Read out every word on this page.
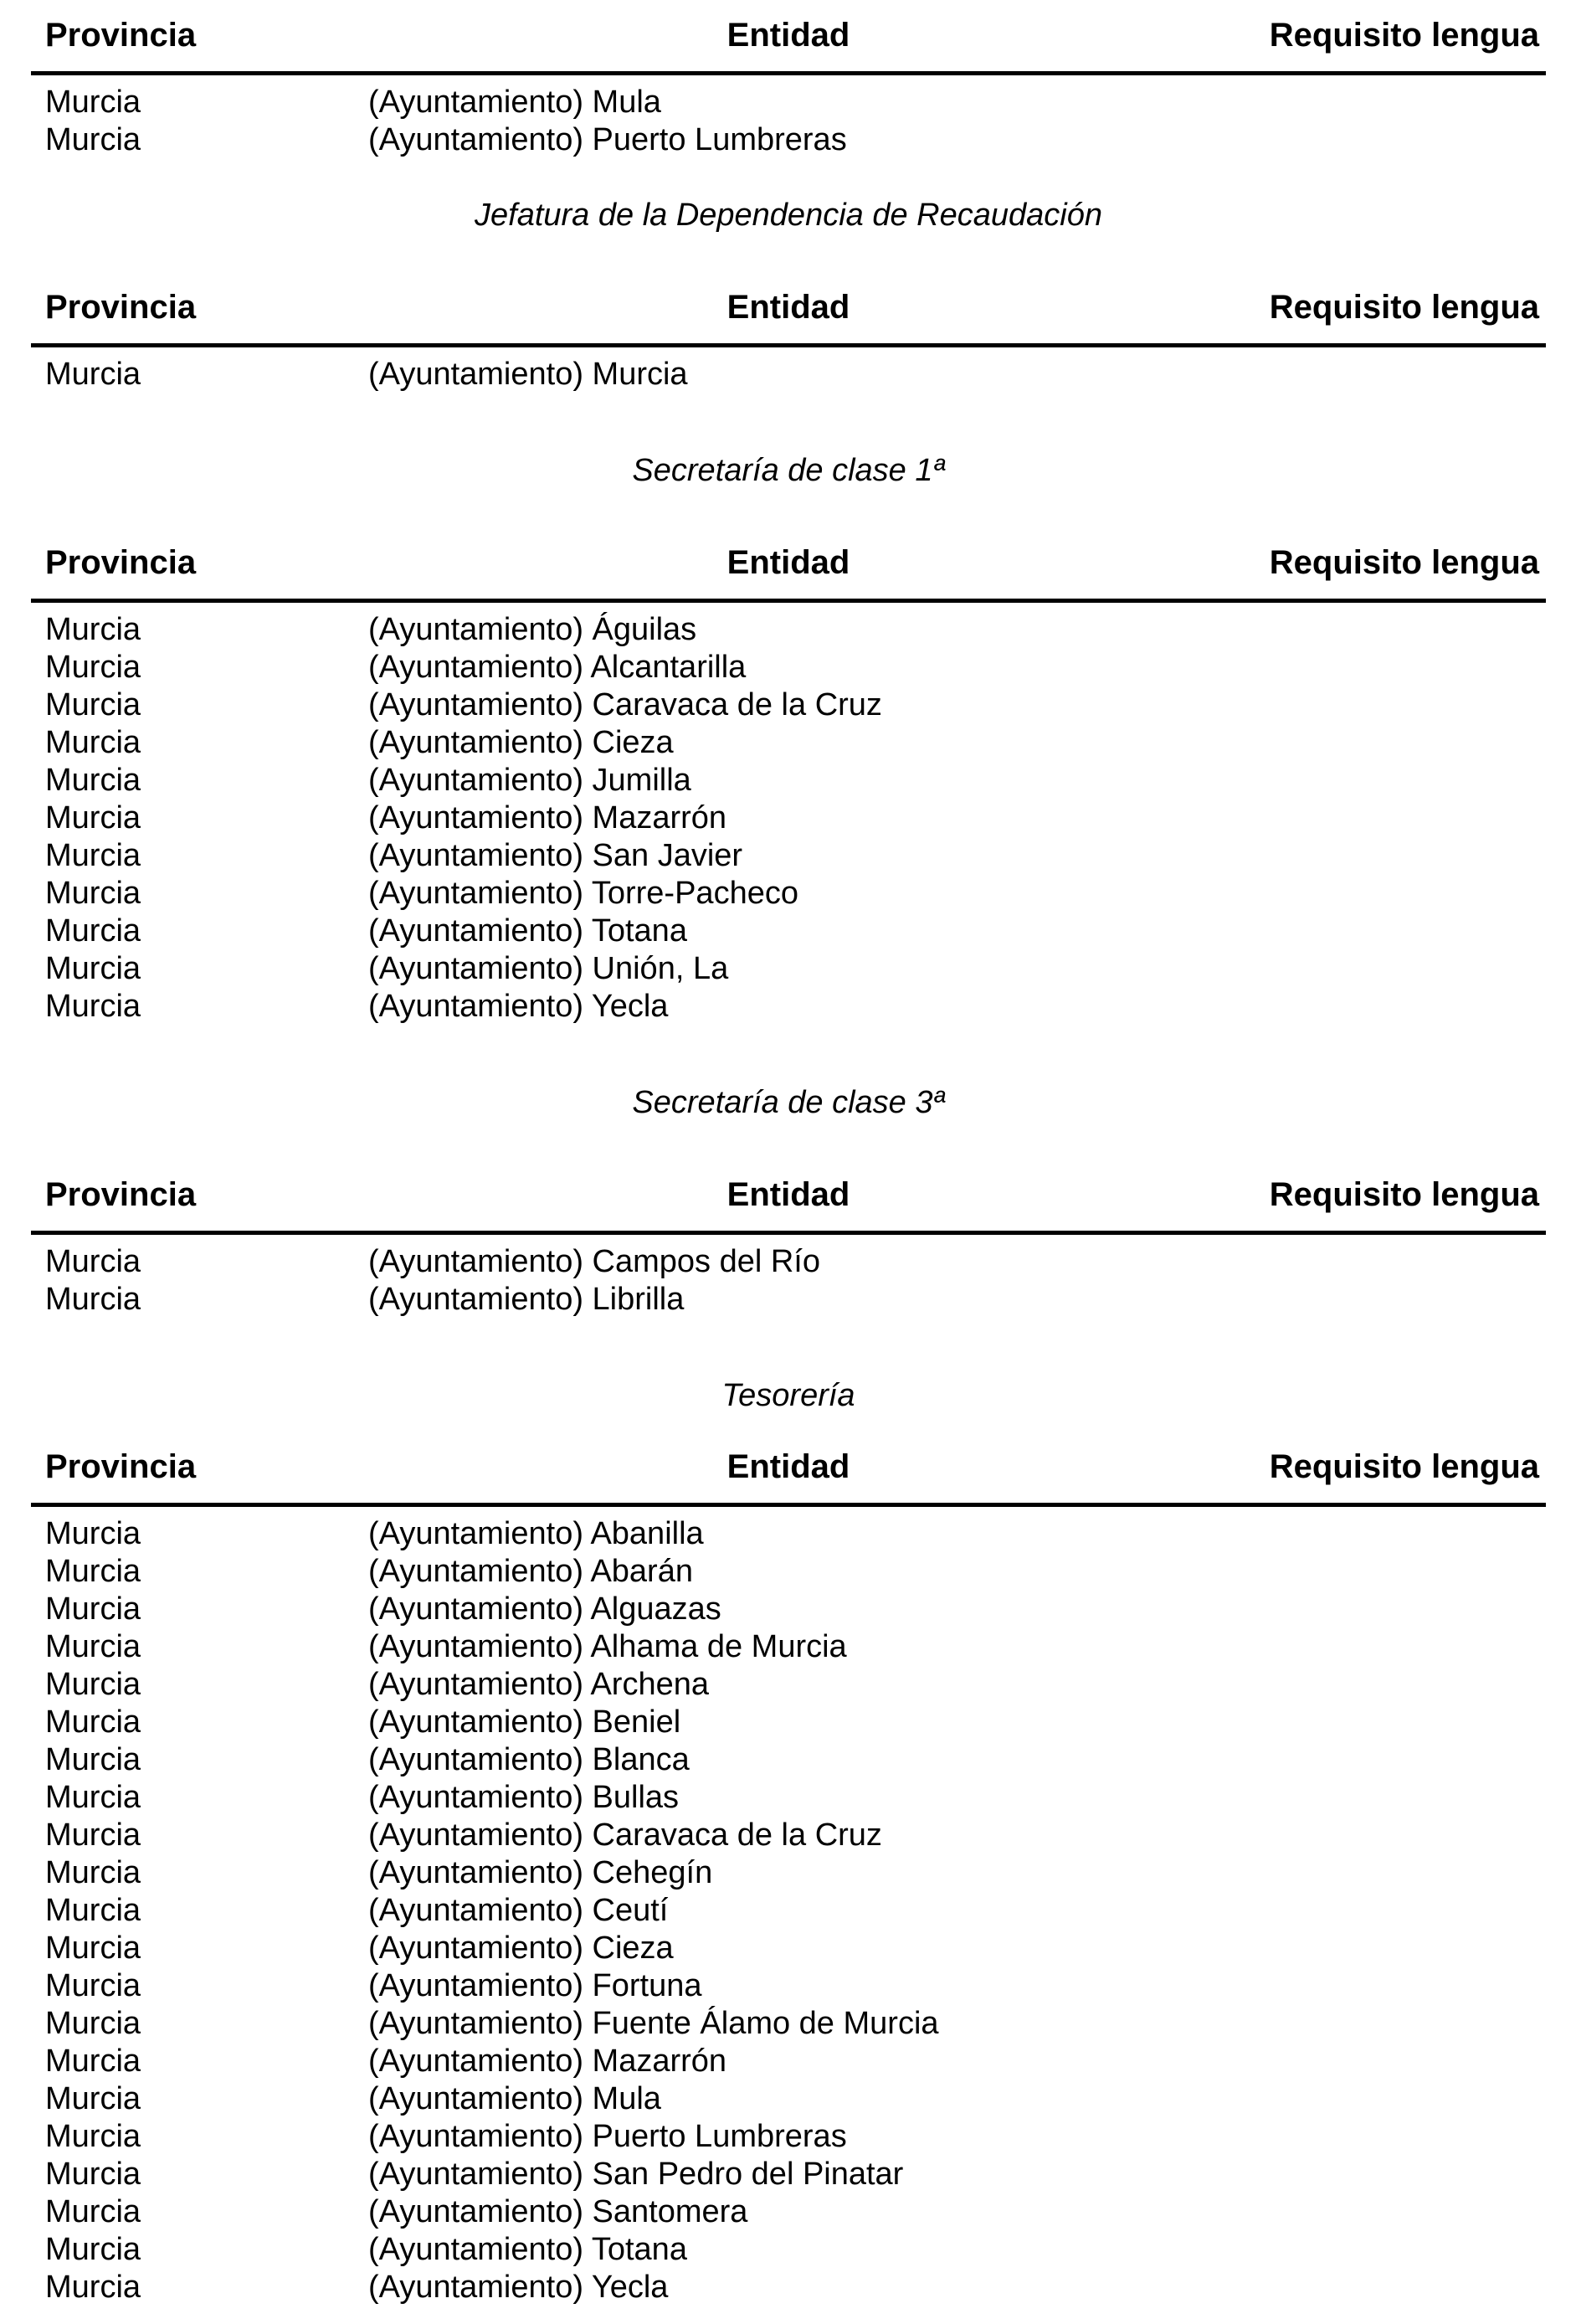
Provincia	Entidad	Requisito lengua
Murcia	(Ayuntamiento) Mula
Murcia	(Ayuntamiento) Puerto Lumbreras
Jefatura de la Dependencia de Recaudación
Provincia	Entidad	Requisito lengua
Murcia	(Ayuntamiento) Murcia
Secretaría de clase 1ª
Provincia	Entidad	Requisito lengua
Murcia	(Ayuntamiento) Águilas
Murcia	(Ayuntamiento) Alcantarilla
Murcia	(Ayuntamiento) Caravaca de la Cruz
Murcia	(Ayuntamiento) Cieza
Murcia	(Ayuntamiento) Jumilla
Murcia	(Ayuntamiento) Mazarrón
Murcia	(Ayuntamiento) San Javier
Murcia	(Ayuntamiento) Torre-Pacheco
Murcia	(Ayuntamiento) Totana
Murcia	(Ayuntamiento) Unión, La
Murcia	(Ayuntamiento) Yecla
Secretaría de clase 3ª
Provincia	Entidad	Requisito lengua
Murcia	(Ayuntamiento) Campos del Río
Murcia	(Ayuntamiento) Librilla
Tesorería
Provincia	Entidad	Requisito lengua
Murcia	(Ayuntamiento) Abanilla
Murcia	(Ayuntamiento) Abarán
Murcia	(Ayuntamiento) Alguazas
Murcia	(Ayuntamiento) Alhama de Murcia
Murcia	(Ayuntamiento) Archena
Murcia	(Ayuntamiento) Beniel
Murcia	(Ayuntamiento) Blanca
Murcia	(Ayuntamiento) Bullas
Murcia	(Ayuntamiento) Caravaca de la Cruz
Murcia	(Ayuntamiento) Cehegín
Murcia	(Ayuntamiento) Ceutí
Murcia	(Ayuntamiento) Cieza
Murcia	(Ayuntamiento) Fortuna
Murcia	(Ayuntamiento) Fuente Álamo de Murcia
Murcia	(Ayuntamiento) Mazarrón
Murcia	(Ayuntamiento) Mula
Murcia	(Ayuntamiento) Puerto Lumbreras
Murcia	(Ayuntamiento) San Pedro del Pinatar
Murcia	(Ayuntamiento) Santomera
Murcia	(Ayuntamiento) Totana
Murcia	(Ayuntamiento) Yecla
